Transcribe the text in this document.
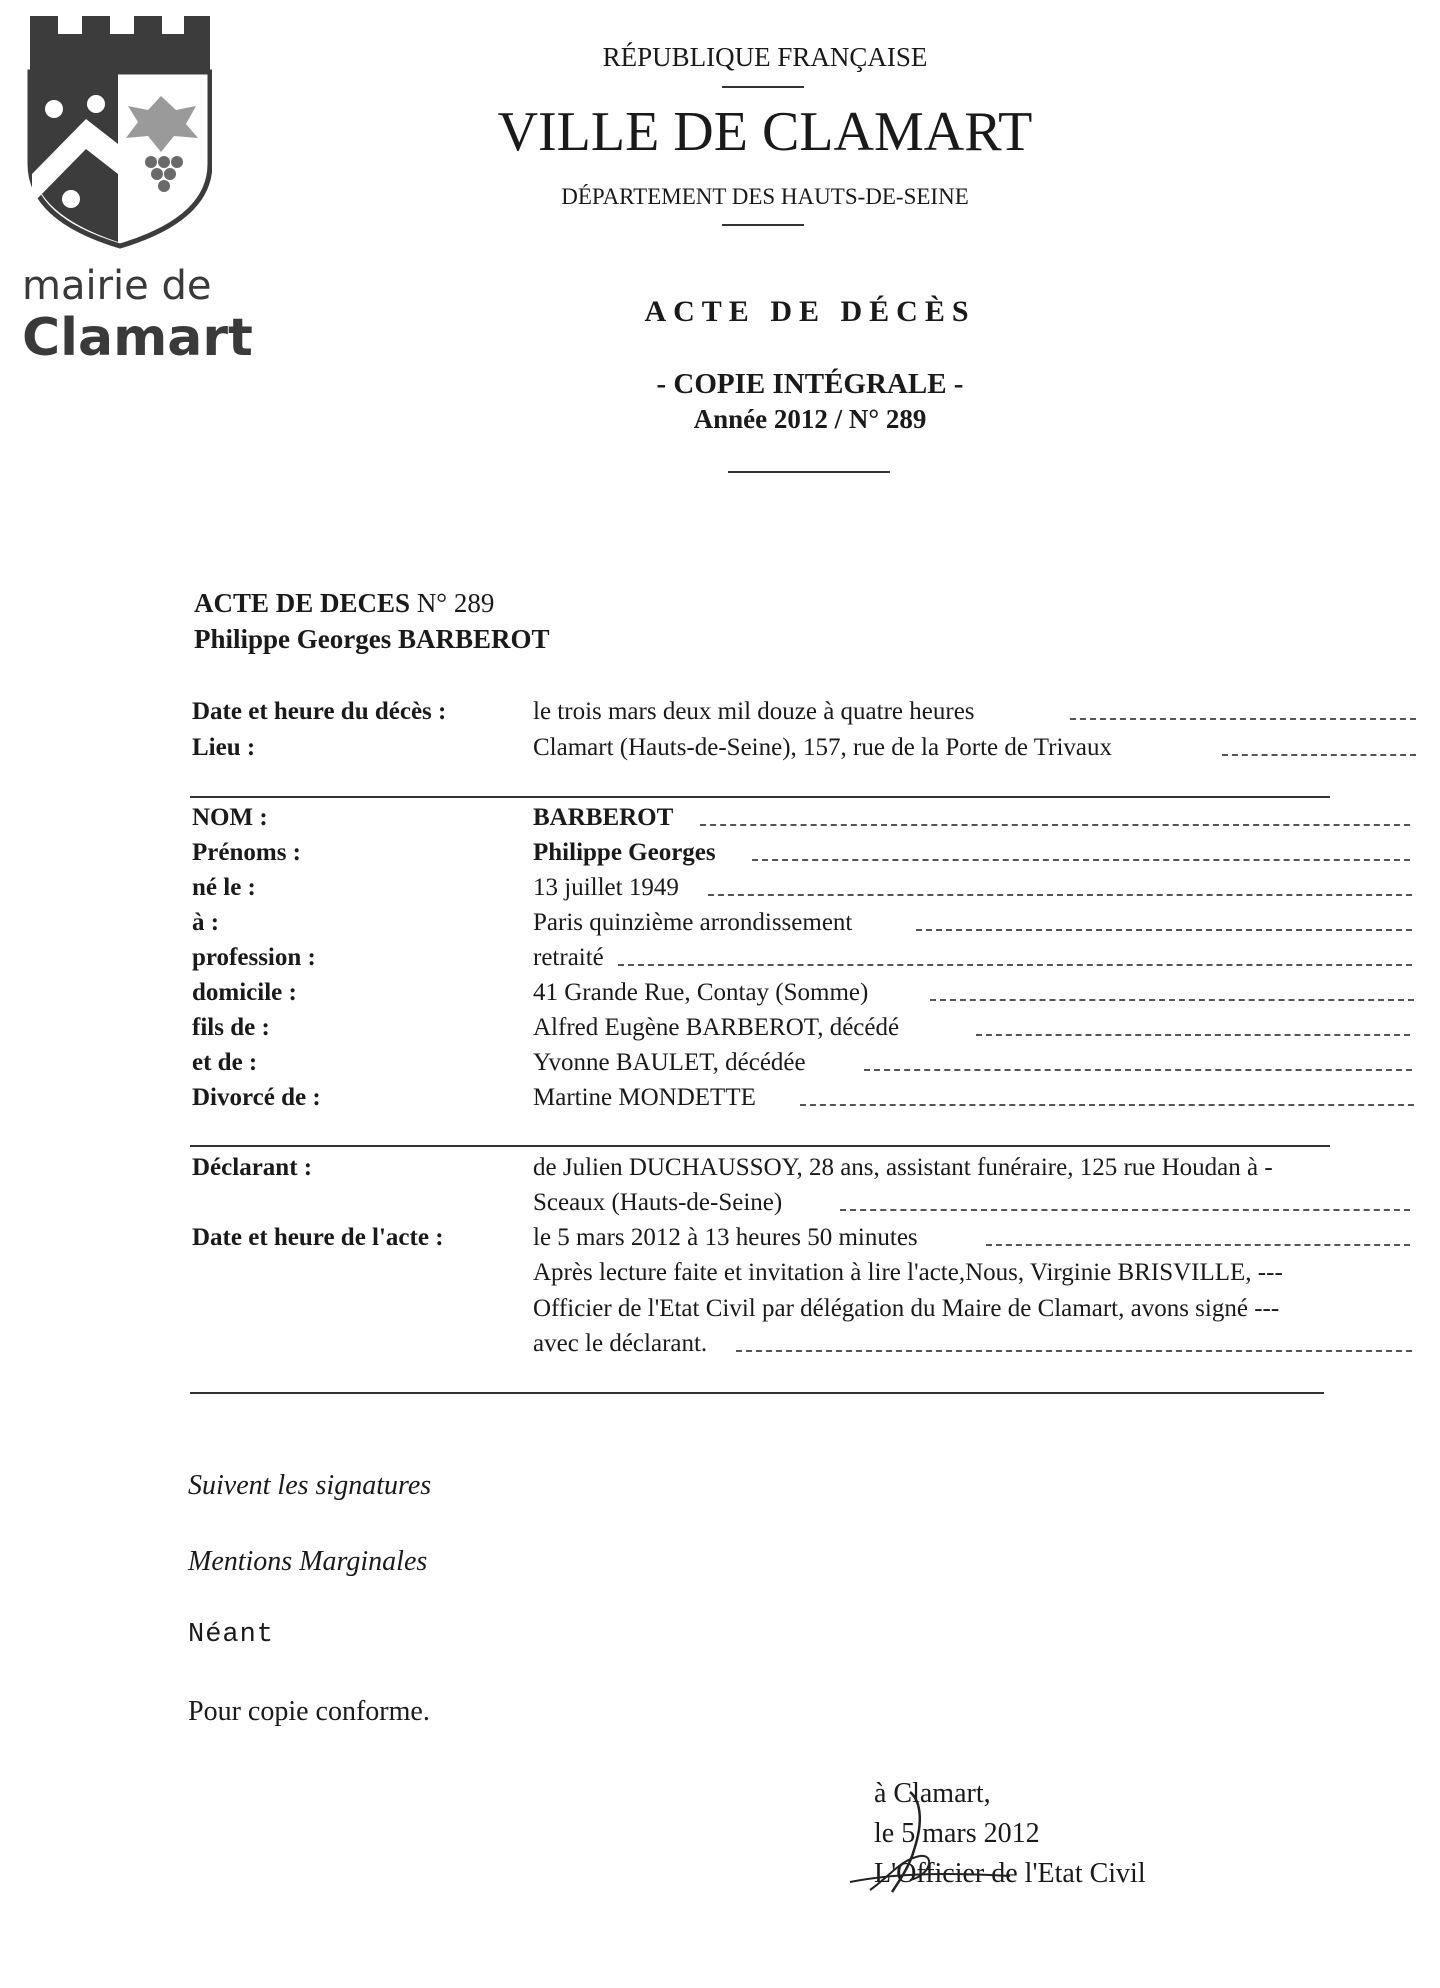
mairie de
Clamart
RÉPUBLIQUE FRANÇAISE
VILLE DE CLAMART
DÉPARTEMENT DES HAUTS-DE-SEINE
ACTE DE DÉCÈS
- COPIE INTÉGRALE -
Année 2012 / N° 289
ACTE DE DECES N° 289
Philippe Georges BARBEROT
Date et heure du décès :	le trois mars deux mil douze à quatre heures
Lieu :	Clamart (Hauts-de-Seine), 157, rue de la Porte de Trivaux
NOM :	BARBEROT
Prénoms :	Philippe Georges
né le :	13 juillet 1949
à :	Paris quinzième arrondissement
profession :	retraité
domicile :	41 Grande Rue, Contay (Somme)
fils de :	Alfred Eugène BARBEROT, décédé
et de :	Yvonne BAULET, décédée
Divorcé de :	Martine MONDETTE
Déclarant :	de Julien DUCHAUSSOY, 28 ans, assistant funéraire, 125 rue Houdan à -
Sceaux (Hauts-de-Seine)
Date et heure de l'acte :	le 5 mars 2012 à 13 heures 50 minutes
Après lecture faite et invitation à lire l'acte,Nous, Virginie BRISVILLE, ---
Officier de l'Etat Civil par délégation du Maire de Clamart, avons signé ---
avec le déclarant.
Suivent les signatures
Mentions Marginales
Néant
Pour copie conforme.
à Clamart,
le 5 mars 2012
L'Officier de l'Etat Civil
